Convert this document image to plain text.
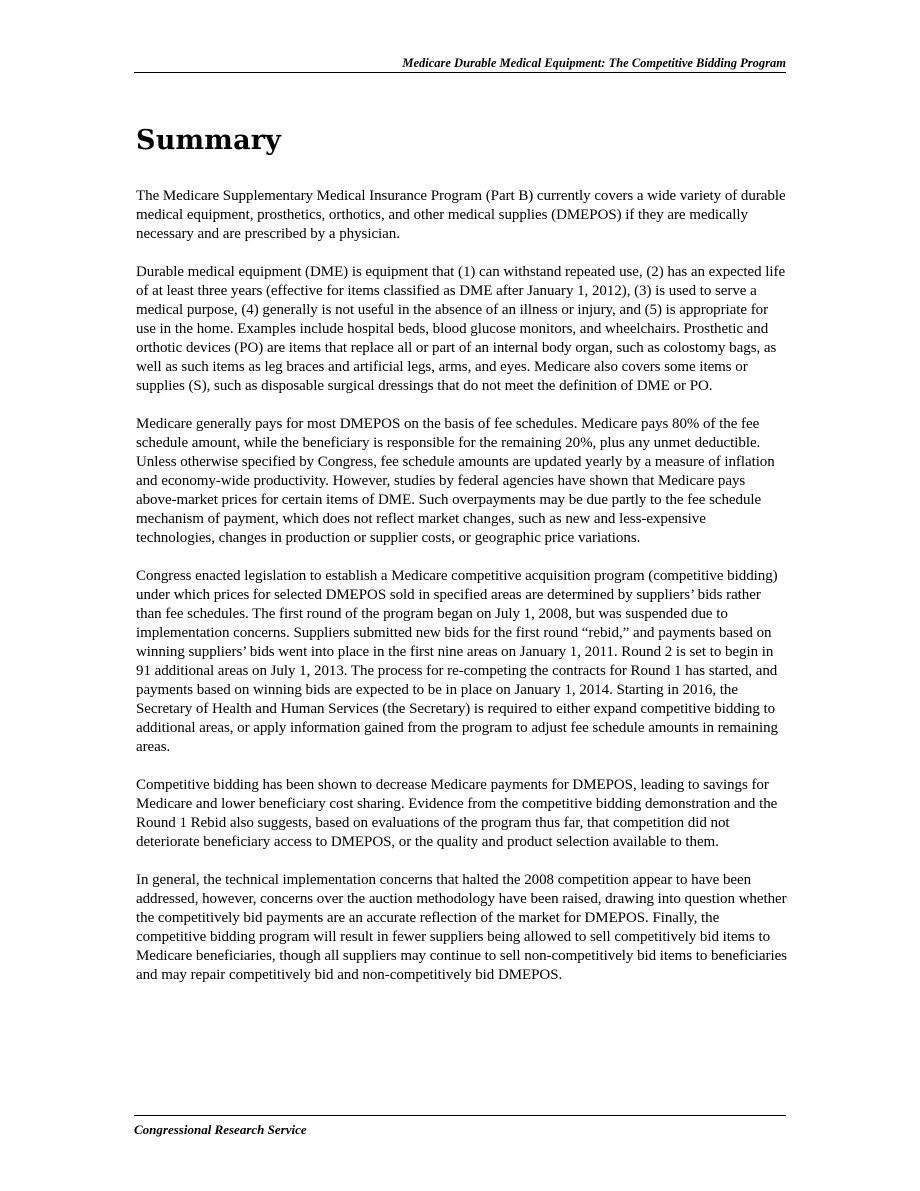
Medicare Durable Medical Equipment: The Competitive Bidding Program
Summary

The Medicare Supplementary Medical Insurance Program (Part B) currently covers a wide variety of durable medical equipment, prosthetics, orthotics, and other medical supplies (DMEPOS) if they are medically necessary and are prescribed by a physician.

Durable medical equipment (DME) is equipment that (1) can withstand repeated use, (2) has an expected life of at least three years (effective for items classified as DME after January 1, 2012), (3) is used to serve a medical purpose, (4) generally is not useful in the absence of an illness or injury, and (5) is appropriate for use in the home. Examples include hospital beds, blood glucose monitors, and wheelchairs. Prosthetic and orthotic devices (PO) are items that replace all or part of an internal body organ, such as colostomy bags, as well as such items as leg braces and artificial legs, arms, and eyes. Medicare also covers some items or supplies (S), such as disposable surgical dressings that do not meet the definition of DME or PO.

Medicare generally pays for most DMEPOS on the basis of fee schedules. Medicare pays 80% of the fee schedule amount, while the beneficiary is responsible for the remaining 20%, plus any unmet deductible. Unless otherwise specified by Congress, fee schedule amounts are updated yearly by a measure of inflation and economy-wide productivity. However, studies by federal agencies have shown that Medicare pays above-market prices for certain items of DME. Such overpayments may be due partly to the fee schedule mechanism of payment, which does not reflect market changes, such as new and less-expensive technologies, changes in production or supplier costs, or geographic price variations.

Congress enacted legislation to establish a Medicare competitive acquisition program (competitive bidding) under which prices for selected DMEPOS sold in specified areas are determined by suppliers’ bids rather than fee schedules. The first round of the program began on July 1, 2008, but was suspended due to implementation concerns. Suppliers submitted new bids for the first round “rebid,” and payments based on winning suppliers’ bids went into place in the first nine areas on January 1, 2011. Round 2 is set to begin in 91 additional areas on July 1, 2013. The process for re-competing the contracts for Round 1 has started, and payments based on winning bids are expected to be in place on January 1, 2014. Starting in 2016, the Secretary of Health and Human Services (the Secretary) is required to either expand competitive bidding to additional areas, or apply information gained from the program to adjust fee schedule amounts in remaining areas.

Competitive bidding has been shown to decrease Medicare payments for DMEPOS, leading to savings for Medicare and lower beneficiary cost sharing. Evidence from the competitive bidding demonstration and the Round 1 Rebid also suggests, based on evaluations of the program thus far, that competition did not deteriorate beneficiary access to DMEPOS, or the quality and product selection available to them.

In general, the technical implementation concerns that halted the 2008 competition appear to have been addressed, however, concerns over the auction methodology have been raised, drawing into question whether the competitively bid payments are an accurate reflection of the market for DMEPOS. Finally, the competitive bidding program will result in fewer suppliers being allowed to sell competitively bid items to Medicare beneficiaries, though all suppliers may continue to sell non-competitively bid items to beneficiaries and may repair competitively bid and non-competitively bid DMEPOS.

Congressional Research Service
